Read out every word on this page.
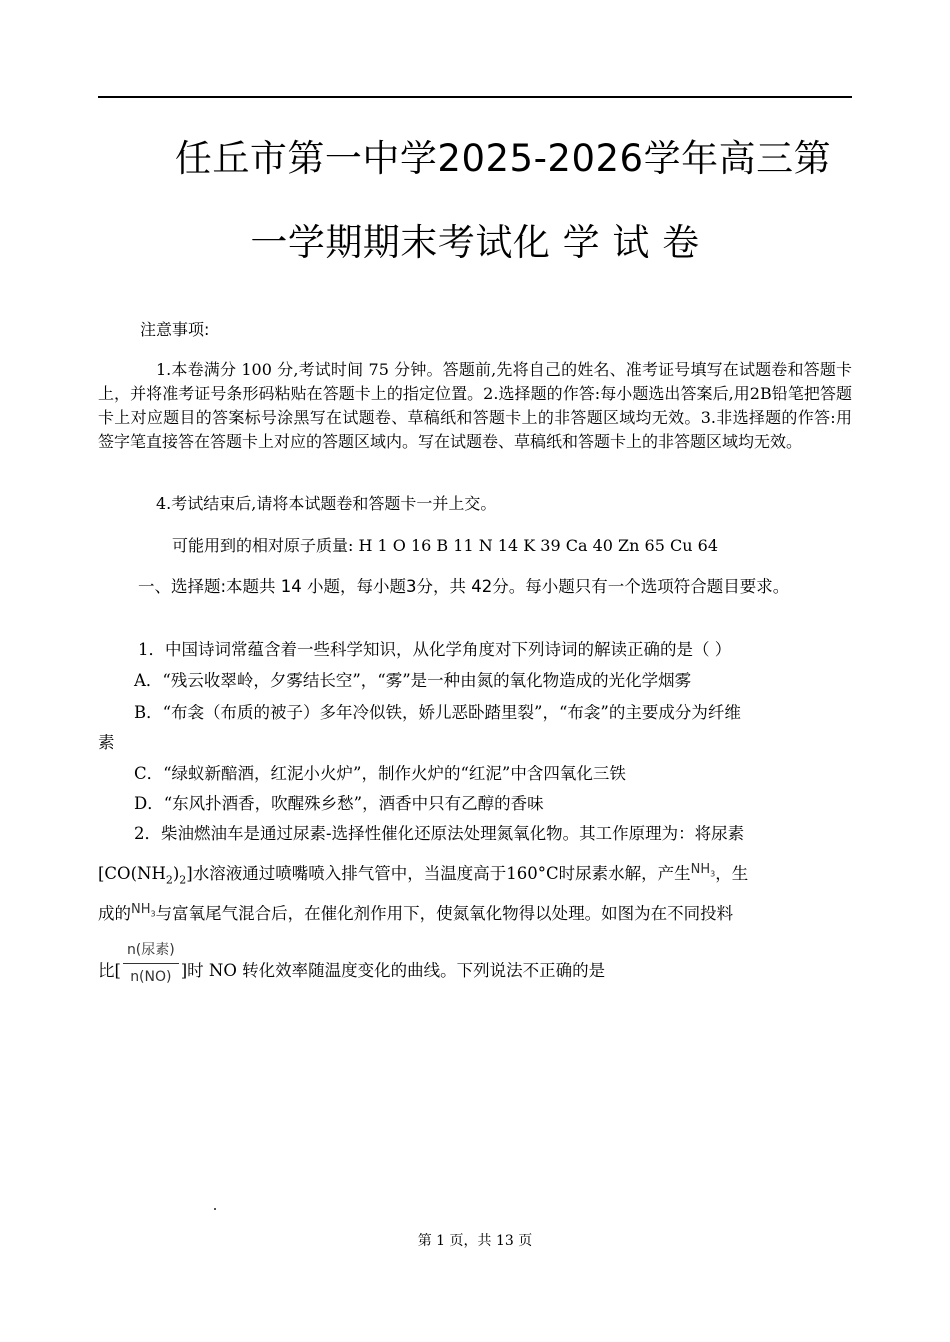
任丘市第一中学2025-2026学年高三第
一学期期末考试化 学 试 卷
注意事项:
1.本卷满分 100 分,考试时间 75 分钟。答题前,先将自己的姓名、准考证号填写在试题卷和答题卡上，并将准考证号条形码粘贴在答题卡上的指定位置。2.选择题的作答:每小题选出答案后,用2B铅笔把答题卡上对应题目的答案标号涂黑写在试题卷、草稿纸和答题卡上的非答题区域均无效。3.非选择题的作答:用签字笔直接答在答题卡上对应的答题区域内。写在试题卷、草稿纸和答题卡上的非答题区域均无效。
4.考试结束后,请将本试题卷和答题卡一并上交。
可能用到的相对原子质量: H 1 O 16 B 11 N 14 K 39 Ca 40 Zn 65 Cu 64
一、选择题:本题共 14 小题，每小题3分，共 42分。每小题只有一个选项符合题目要求。
1．中国诗词常蕴含着一些科学知识，从化学角度对下列诗词的解读正确的是（ ）
A．“残云收翠岭，夕雾结长空”，“雾”是一种由氮的氧化物造成的光化学烟雾
B．“布衾（布质的被子）多年冷似铁，娇儿恶卧踏里裂”，“布衾”的主要成分为纤维
素
C．“绿蚁新醅酒，红泥小火炉”，制作火炉的“红泥”中含四氧化三铁
D．“东风扑酒香，吹醒殊乡愁”，酒香中只有乙醇的香味
2．柴油燃油车是通过尿素-选择性催化还原法处理氮氧化物。其工作原理为：将尿素
$[CO(NH_2)_2]$水溶液通过喷嘴喷入排气管中，当温度高于160°C时尿素水解，产生$^{NH_3}$，生
成的$^{NH_3}$与富氧尾气混合后，在催化剂作用下，使氮氧化物得以处理。如图为在不同投料
比[ $\frac{\text{n(尿素)}}{n(NO)}$ ]时 NO 转化效率随温度变化的曲线。下列说法不正确的是
第 1 页，共 13 页
